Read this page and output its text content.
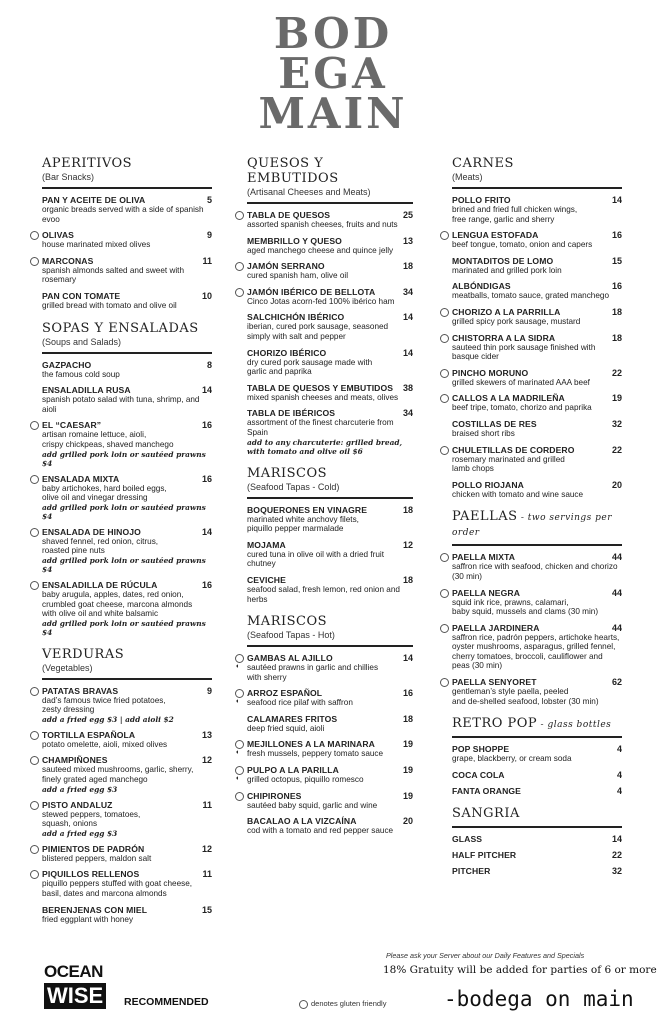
BOD
EGA
MAIN
APERITIVOS
(Bar Snacks)
PAN Y ACEITE DE OLIVA	5
organic breads served with a side of spanish evoo
OLIVAS	9
house marinated mixed olives
MARCONAS	11
spanish almonds salted and sweet with rosemary
PAN CON TOMATE	10
grilled bread with tomato and olive oil
SOPAS Y ENSALADAS
(Soups and Salads)
GAZPACHO	8
the famous cold soup
ENSALADILLA RUSA	14
spanish potato salad with tuna, shrimp, and aioli
EL “CAESAR”	16
artisan romaine lettuce, aioli,
crispy chickpeas, shaved manchego
add grilled pork loin or sautéed prawns $4
ENSALADA MIXTA	16
baby artichokes, hard boiled eggs,
olive oil and vinegar dressing
add grilled pork loin or sautéed prawns $4
ENSALADA DE HINOJO	14
shaved fennel, red onion, citrus,
roasted pine nuts
add grilled pork loin or sautéed prawns $4
ENSALADILLA DE RÚCULA	16
baby arugula, apples, dates, red onion,
crumbled goat cheese, marcona almonds
with olive oil and white balsamic
add grilled pork loin or sautéed prawns $4
VERDURAS
(Vegetables)
PATATAS BRAVAS	9
dad’s famous twice fried potatoes,
zesty dressing
add a fried egg $3 | add aioli $2
TORTILLA ESPAÑOLA	13
potato omelette, aioli, mixed olives
CHAMPIÑONES	12
sauteed mixed mushrooms, garlic, sherry,
finely grated aged manchego
add a fried egg $3
PISTO ANDALUZ	11
stewed peppers, tomatoes,
squash, onions
add a fried egg $3
PIMIENTOS DE PADRÓN	12
blistered peppers, maldon salt
PIQUILLOS RELLENOS	11
piquillo peppers stuffed with goat cheese,
basil, dates and marcona almonds
BERENJENAS CON MIEL	15
fried eggplant with honey
QUESOS Y EMBUTIDOS
(Artisanal Cheeses and Meats)
TABLA DE QUESOS	25
assorted spanish cheeses, fruits and nuts
MEMBRILLO Y QUESO	13
aged manchego cheese and quince jelly
JAMÓN SERRANO	18
cured spanish ham, olive oil
JAMÓN IBÉRICO DE BELLOTA	34
Cinco Jotas acorn-fed 100% ibérico ham
SALCHICHÓN IBÉRICO	14
iberian, cured pork sausage, seasoned
simply with salt and pepper
CHORIZO IBÉRICO	14
dry cured pork sausage made with
garlic and paprika
TABLA DE QUESOS Y EMBUTIDOS	38
mixed spanish cheeses and meats, olives
TABLA DE IBÉRICOS	34
assortment of the finest charcuterie from Spain
add to any charcuterie: grilled bread,
with tomato and olive oil $6
MARISCOS
(Seafood Tapas - Cold)
BOQUERONES EN VINAGRE	18
marinated white anchovy filets,
piquillo pepper marmalade
MOJAMA	12
cured tuna in olive oil with a dried fruit chutney
CEVICHE	18
seafood salad, fresh lemon, red onion and herbs
MARISCOS
(Seafood Tapas - Hot)
◖
GAMBAS AL AJILLO	14
sautéed prawns in garlic and chillies
with sherry
◖
ARROZ ESPAÑOL	16
seafood rice pilaf with saffron
CALAMARES FRITOS	18
deep fried squid, aioli
◖
MEJILLONES A LA MARINARA	19
fresh mussels, peppery tomato sauce
◖
PULPO A LA PARILLA	19
grilled octopus, piquillo romesco
CHIPIRONES	19
sautéed baby squid, garlic and wine
BACALAO A LA VIZCAÍNA	20
cod with a tomato and red pepper sauce
CARNES
(Meats)
POLLO FRITO	14
brined and fried full chicken wings,
free range, garlic and sherry
LENGUA ESTOFADA	16
beef tongue, tomato, onion and capers
MONTADITOS DE LOMO	15
marinated and grilled pork loin
ALBÓNDIGAS	16
meatballs, tomato sauce, grated manchego
CHORIZO A LA PARRILLA	18
grilled spicy pork sausage, mustard
CHISTORRA A LA SIDRA	18
sauteed thin pork sausage finished with
basque cider
PINCHO MORUNO	22
grilled skewers of marinated AAA beef
CALLOS A LA MADRILEÑA	19
beef tripe, tomato, chorizo and paprika
COSTILLAS DE RES	32
braised short ribs
CHULETILLAS DE CORDERO	22
rosemary marinated and grilled
lamb chops
POLLO RIOJANA	20
chicken with tomato and wine sauce
PAELLAS - two servings per order
PAELLA MIXTA	44
saffron rice with seafood, chicken and chorizo (30 min)
PAELLA NEGRA	44
squid ink rice, prawns, calamari,
baby squid, mussels and clams (30 min)
PAELLA JARDINERA	44
saffron rice, padrón peppers, artichoke hearts,
oyster mushrooms, asparagus, grilled fennel,
cherry tomatoes, broccoli, cauliflower and peas (30 min)
PAELLA SENYORET	62
gentleman’s style paella, peeled
and de-shelled seafood, lobster (30 min)
RETRO POP - glass bottles
POP SHOPPE	4
grape, blackberry, or cream soda
COCA COLA	4
FANTA ORANGE	4
SANGRIA
GLASS	14
HALF PITCHER	22
PITCHER	32
OCEAN
WISE RECOMMENDED	denotes gluten friendly
Please ask your Server about our Daily Features and Specials
18% Gratuity will be added for parties of 6 or more
-bodega on main
